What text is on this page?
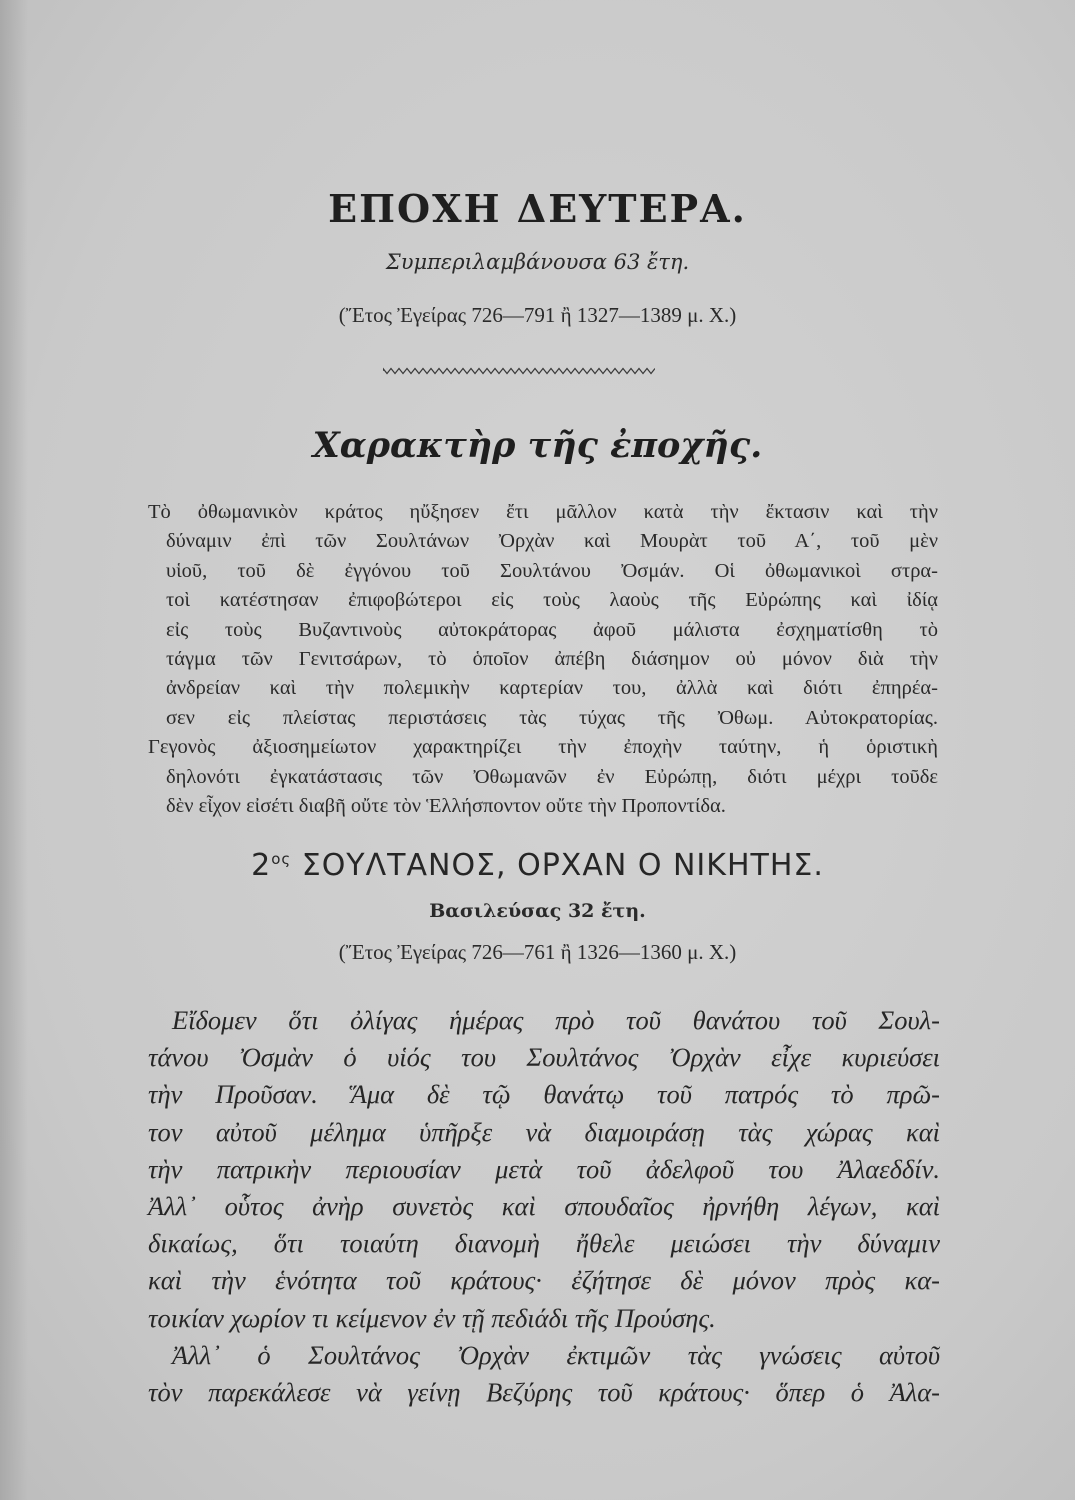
ΕΠΟΧΗ ΔΕΥΤΕΡΑ.
Συμπεριλαμβάνουσα 63 ἔτη.
(Ἔτος Ἐγείρας 726—791 ἢ 1327—1389 μ. Χ.)
Χαρακτὴρ τῆς ἐποχῆς.
Τὸ ὀθωμανικὸν κράτος ηὔξησεν ἔτι μᾶλλον κατὰ τὴν ἔκτασιν καὶ τὴν
δύναμιν ἐπὶ τῶν Σουλτάνων Ὀρχὰν καὶ Μουρὰτ τοῦ Α΄, τοῦ μὲν
υἱοῦ, τοῦ δὲ ἐγγόνου τοῦ Σουλτάνου Ὀσμάν. Οἱ ὀθωμανικοὶ στρα-
τοὶ κατέστησαν ἐπιφοβώτεροι εἰς τοὺς λαοὺς τῆς Εὐρώπης καὶ ἰδίᾳ
εἰς τοὺς Βυζαντινοὺς αὐτοκράτορας ἀφοῦ μάλιστα ἐσχηματίσθη τὸ
τάγμα τῶν Γενιτσάρων, τὸ ὁποῖον ἀπέβη διάσημον οὐ μόνον διὰ τὴν
ἀνδρείαν καὶ τὴν πολεμικὴν καρτερίαν του, ἀλλὰ καὶ διότι ἐπηρέα-
σεν εἰς πλείστας περιστάσεις τὰς τύχας τῆς Ὀθωμ. Αὐτοκρατορίας.
Γεγονὸς ἀξιοσημείωτον χαρακτηρίζει τὴν ἐποχὴν ταύτην, ἡ ὁριστικὴ
δηλονότι ἐγκατάστασις τῶν Ὀθωμανῶν ἐν Εὐρώπῃ, διότι μέχρι τοῦδε
δὲν εἶχον εἰσέτι διαβῆ οὔτε τὸν Ἑλλήσποντον οὔτε τὴν Προποντίδα.
$2^{o\varsigma}$ ΣΟΥΛΤΑΝΟΣ, ΟΡΧΑΝ Ο ΝΙΚΗΤΗΣ.
Βασιλεύσας 32 ἔτη.
(Ἔτος Ἐγείρας 726—761 ἢ 1326—1360 μ. Χ.)
Εἴδομεν ὅτι ὀλίγας ἡμέρας πρὸ τοῦ θανάτου τοῦ Σουλ-
τάνου Ὀσμὰν ὁ υἱός του Σουλτάνος Ὀρχὰν εἶχε κυριεύσει
τὴν Προῦσαν. Ἅμα δὲ τῷ θανάτῳ τοῦ πατρός τὸ πρῶ-
τον αὐτοῦ μέλημα ὑπῆρξε νὰ διαμοιράσῃ τὰς χώρας καὶ
τὴν πατρικὴν περιουσίαν μετὰ τοῦ ἀδελφοῦ του Ἀλαεδδίν.
Ἀλλ᾽ οὗτος ἀνὴρ συνετὸς καὶ σπουδαῖος ἠρνήθη λέγων, καὶ
δικαίως, ὅτι τοιαύτη διανομὴ ἤθελε μειώσει τὴν δύναμιν
καὶ τὴν ἑνότητα τοῦ κράτους· ἐζήτησε δὲ μόνον πρὸς κα-
τοικίαν χωρίον τι κείμενον ἐν τῇ πεδιάδι τῆς Προύσης.
Ἀλλ᾽ ὁ Σουλτάνος Ὀρχὰν ἐκτιμῶν τὰς γνώσεις αὐτοῦ
τὸν παρεκάλεσε νὰ γείνῃ Βεζύρης τοῦ κράτους· ὅπερ ὁ Ἀλα-
